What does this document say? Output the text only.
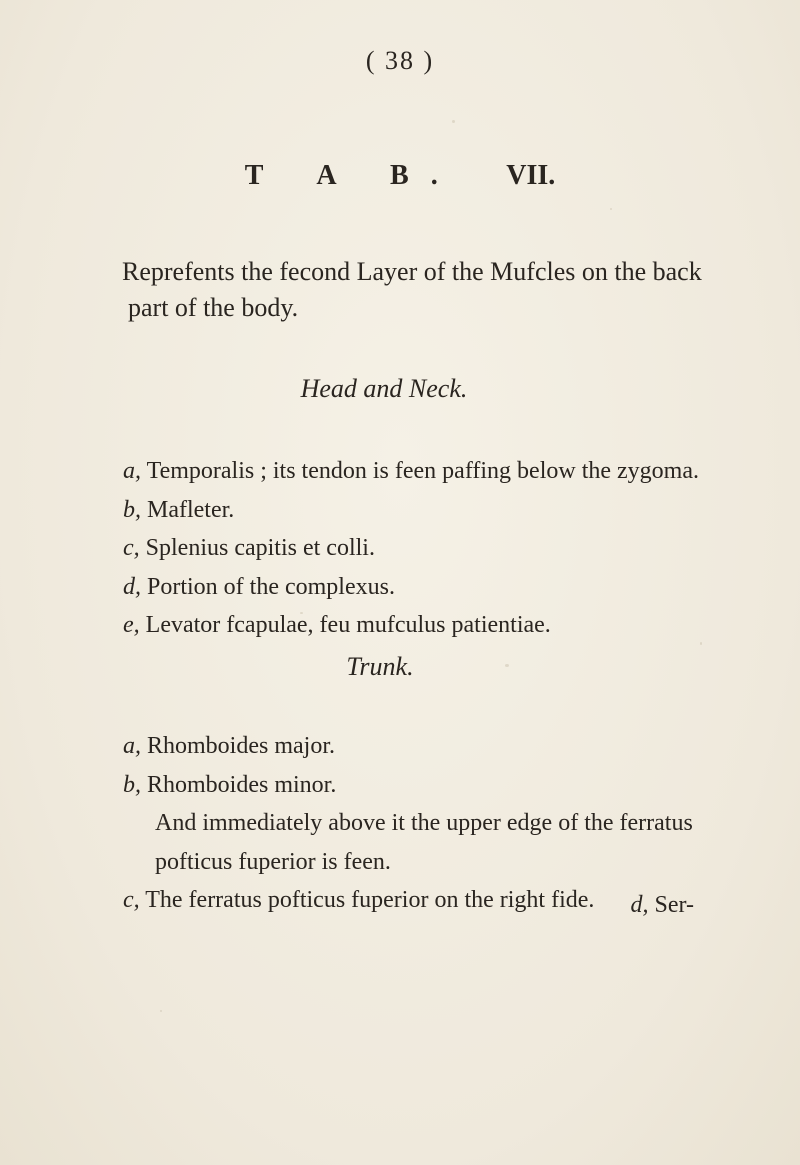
( 38 )
T A B. VII.
Reprefents the fecond Layer of the Mufcles on the back
part of the body.
Head and Neck.
a, Temporalis ; its tendon is feen paffing below the zygoma.
b, Mafleter.
c, Splenius capitis et colli.
d, Portion of the complexus.
e, Levator fcapulae, feu mufculus patientiae.
Trunk.
a, Rhomboides major.
b, Rhomboides minor.
And immediately above it the upper edge of the ferratus
pofticus fuperior is feen.
c, The ferratus pofticus fuperior on the right fide.	d, Ser-
